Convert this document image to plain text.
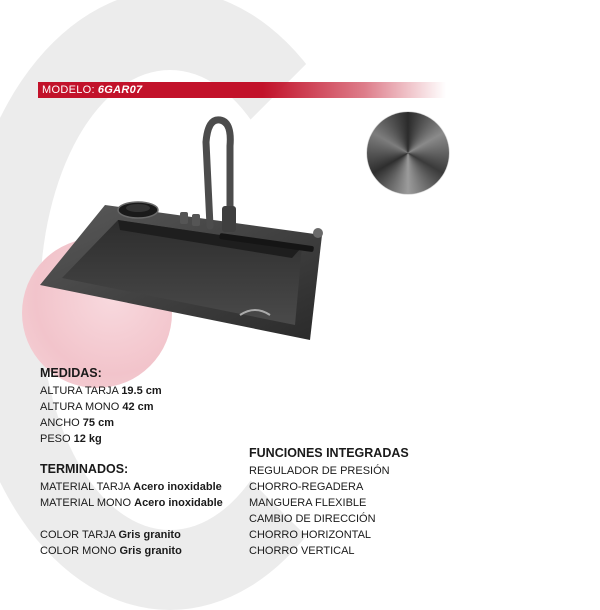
MODELO: 6GAR07
MEDIDAS:
ALTURA TARJA 19.5 cm
ALTURA MONO 42 cm
ANCHO 75 cm
PESO 12 kg
TERMINADOS:
MATERIAL TARJA Acero inoxidable
MATERIAL MONO Acero inoxidable
COLOR TARJA Gris granito
COLOR MONO Gris granito
FUNCIONES INTEGRADAS
REGULADOR DE PRESIÓN
CHORRO-REGADERA
MANGUERA FLEXIBLE
CAMBIO DE DIRECCIÓN
CHORRO HORIZONTAL
CHORRO VERTICAL
